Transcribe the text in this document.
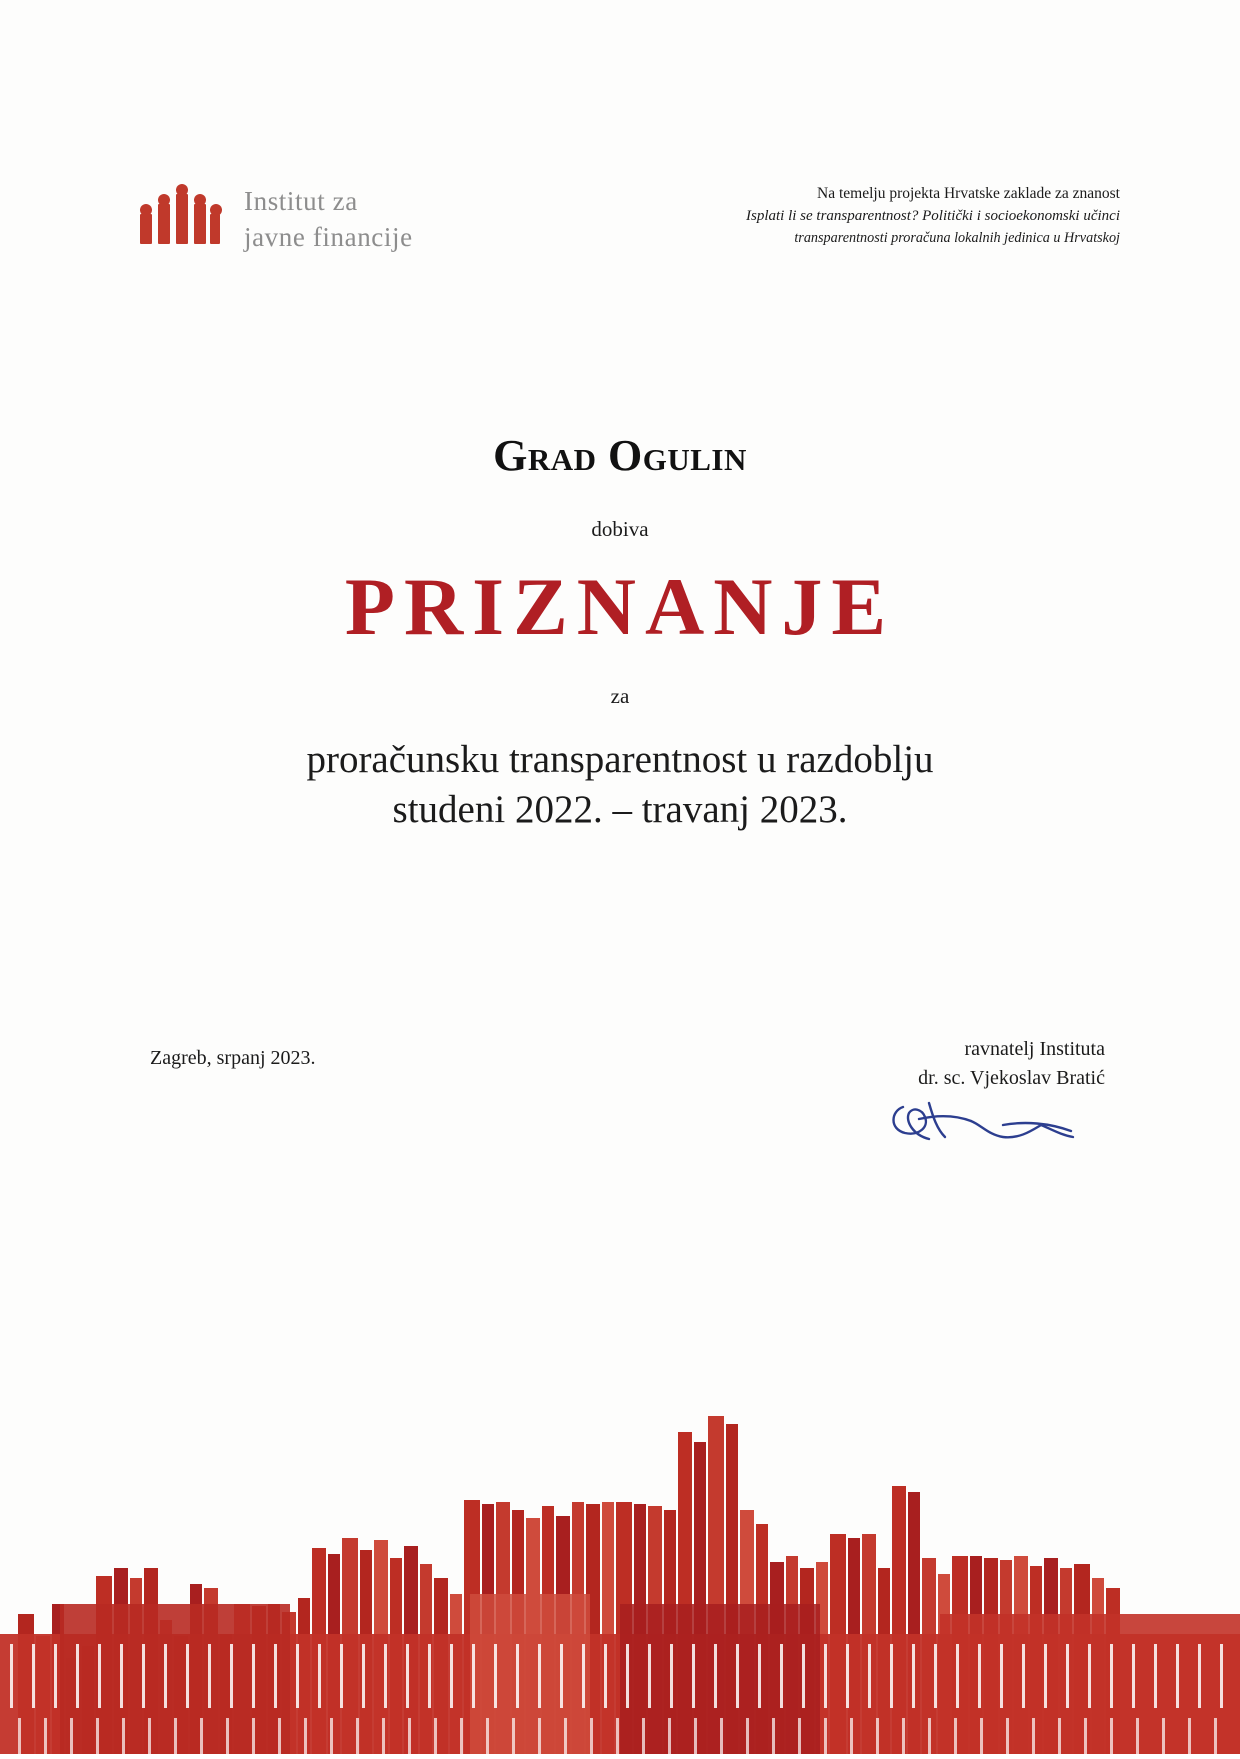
Institut za
javne financije
Na temelju projekta Hrvatske zaklade za znanost
Isplati li se transparentnost? Politički i socioekonomski učinci
transparentnosti proračuna lokalnih jedinica u Hrvatskoj
Grad Ogulin
dobiva
PRIZNANJE
za
proračunsku transparentnost u razdoblju
studeni 2022. – travanj 2023.
Zagreb, srpanj 2023.	ravnatelj Instituta
dr. sc. Vjekoslav Bratić
